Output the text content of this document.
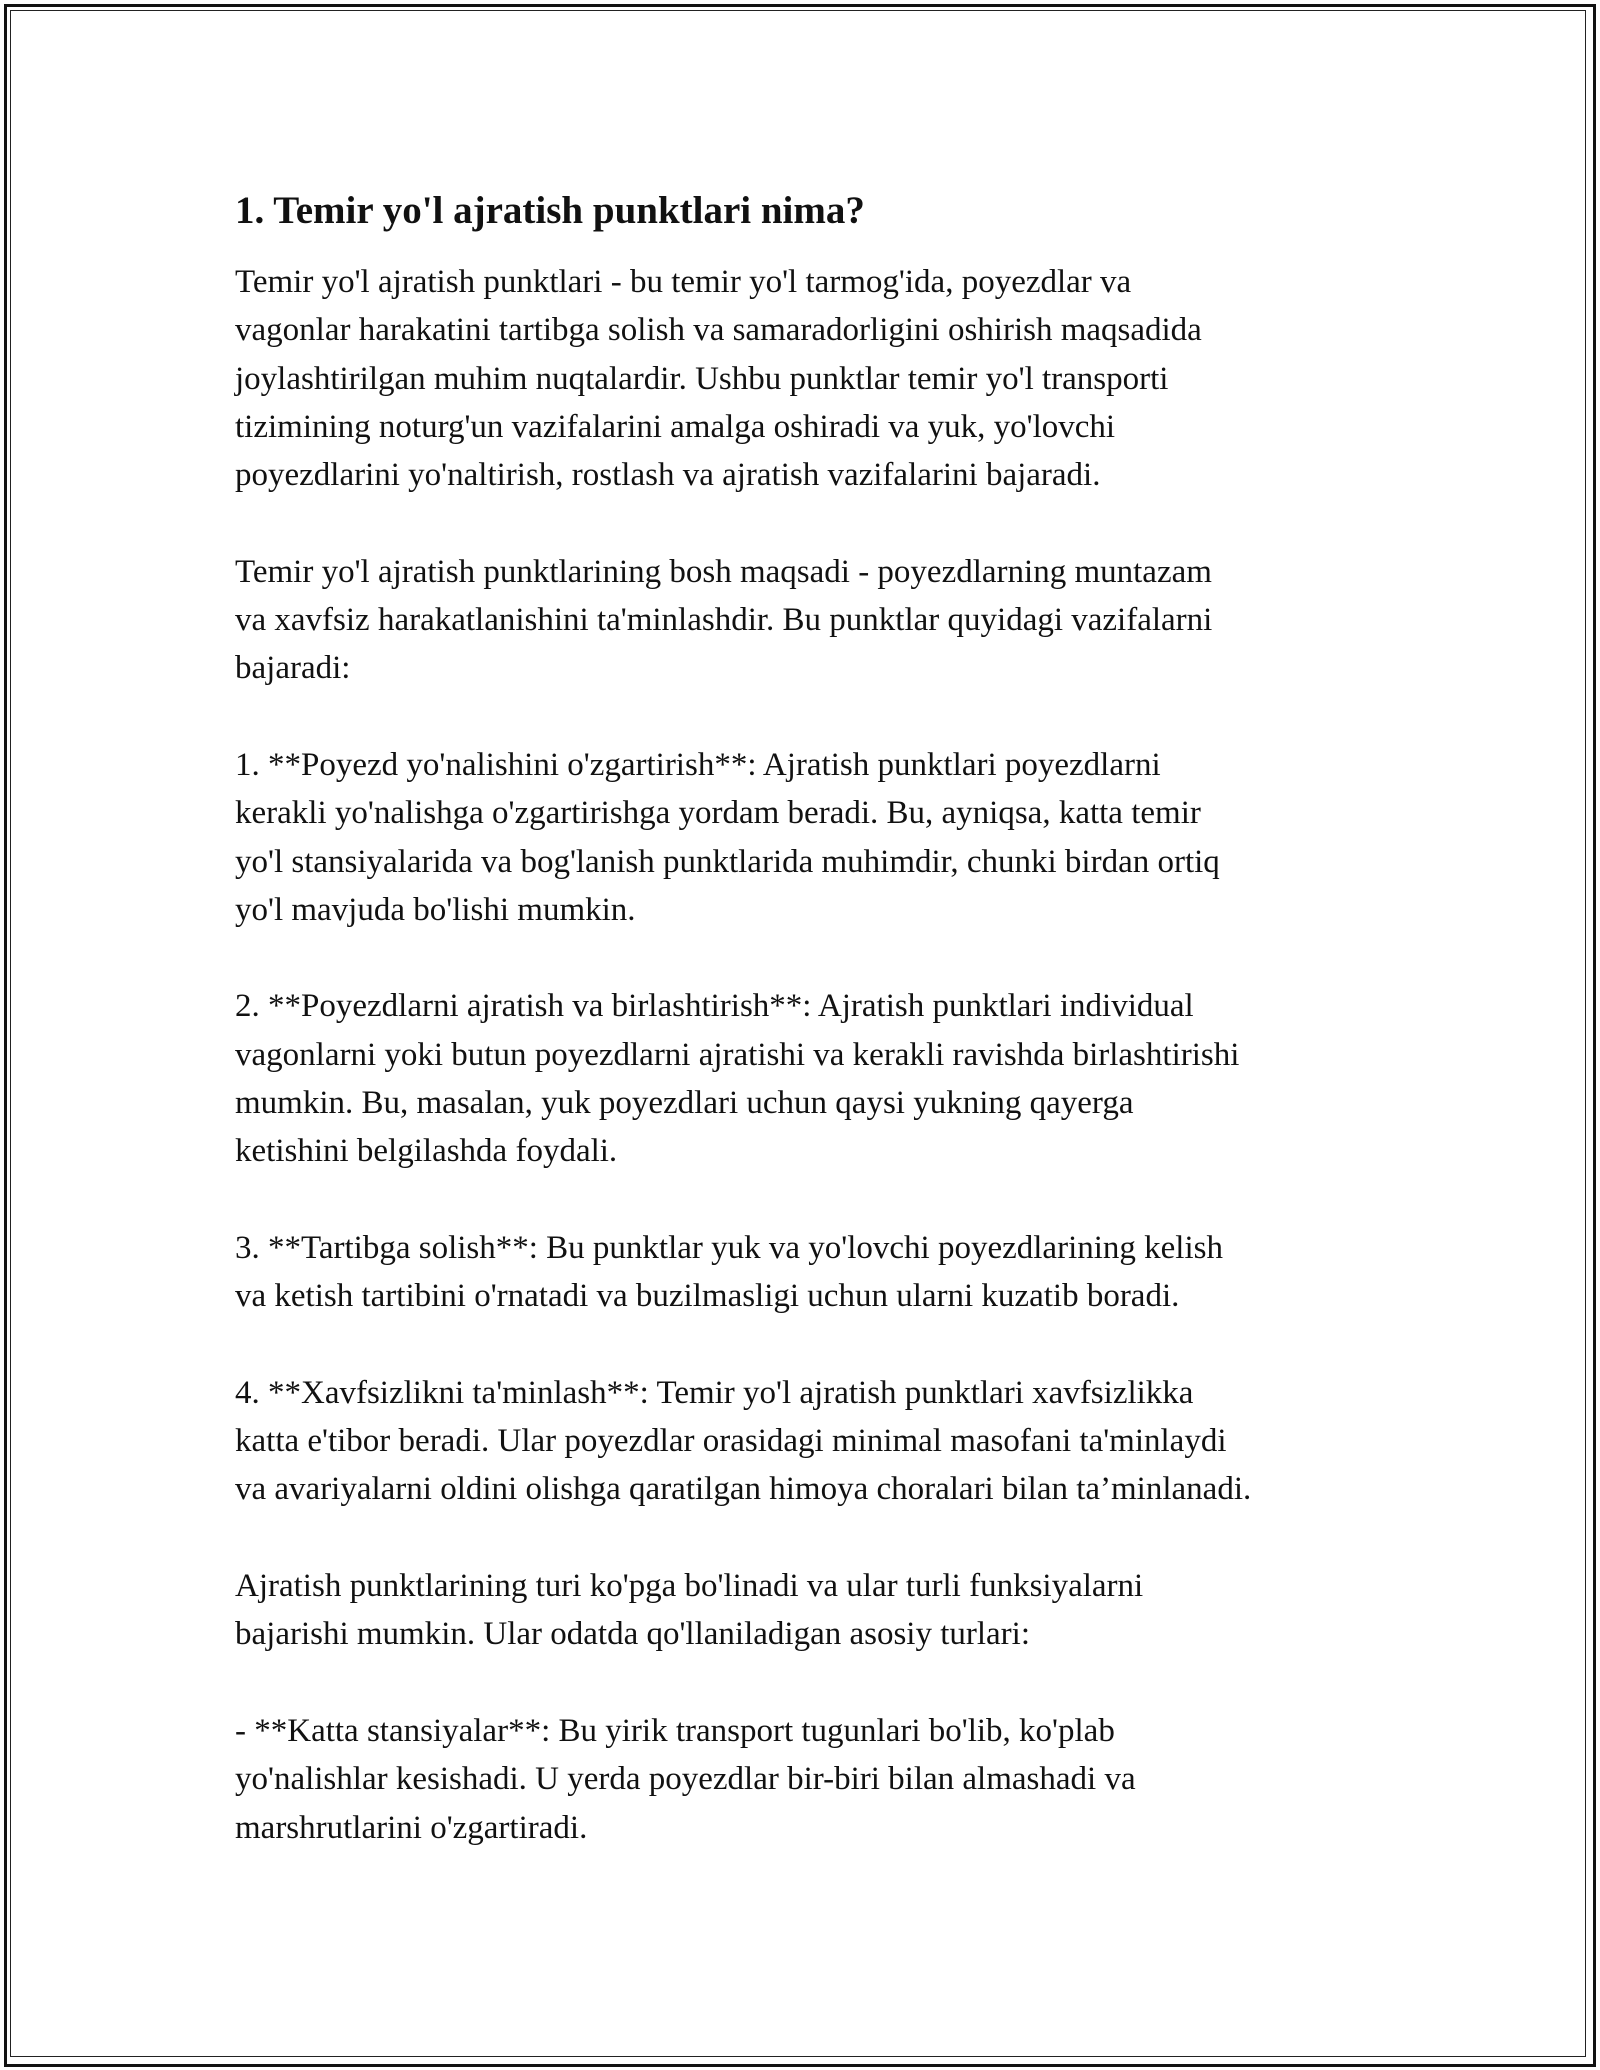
1. Temir yo'l ajratish punktlari nima?

Temir yo'l ajratish punktlari - bu temir yo'l tarmog'ida, poyezdlar va
vagonlar harakatini tartibga solish va samaradorligini oshirish maqsadida
joylashtirilgan muhim nuqtalardir. Ushbu punktlar temir yo'l transporti
tizimining noturg'un vazifalarini amalga oshiradi va yuk, yo'lovchi
poyezdlarini yo'naltirish, rostlash va ajratish vazifalarini bajaradi.

Temir yo'l ajratish punktlarining bosh maqsadi - poyezdlarning muntazam
va xavfsiz harakatlanishini ta'minlashdir. Bu punktlar quyidagi vazifalarni
bajaradi:

1. **Poyezd yo'nalishini o'zgartirish**: Ajratish punktlari poyezdlarni
kerakli yo'nalishga o'zgartirishga yordam beradi. Bu, ayniqsa, katta temir
yo'l stansiyalarida va bog'lanish punktlarida muhimdir, chunki birdan ortiq
yo'l mavjuda bo'lishi mumkin.

2. **Poyezdlarni ajratish va birlashtirish**: Ajratish punktlari individual
vagonlarni yoki butun poyezdlarni ajratishi va kerakli ravishda birlashtirishi
mumkin. Bu, masalan, yuk poyezdlari uchun qaysi yukning qayerga
ketishini belgilashda foydali.

3. **Tartibga solish**: Bu punktlar yuk va yo'lovchi poyezdlarining kelish
va ketish tartibini o'rnatadi va buzilmasligi uchun ularni kuzatib boradi.

4. **Xavfsizlikni ta'minlash**: Temir yo'l ajratish punktlari xavfsizlikka
katta e'tibor beradi. Ular poyezdlar orasidagi minimal masofani ta'minlaydi
va avariyalarni oldini olishga qaratilgan himoya choralari bilan ta’minlanadi.

Ajratish punktlarining turi ko'pga bo'linadi va ular turli funksiyalarni
bajarishi mumkin. Ular odatda qo'llaniladigan asosiy turlari:

- **Katta stansiyalar**: Bu yirik transport tugunlari bo'lib, ko'plab
yo'nalishlar kesishadi. U yerda poyezdlar bir-biri bilan almashadi va
marshrutlarini o'zgartiradi.
